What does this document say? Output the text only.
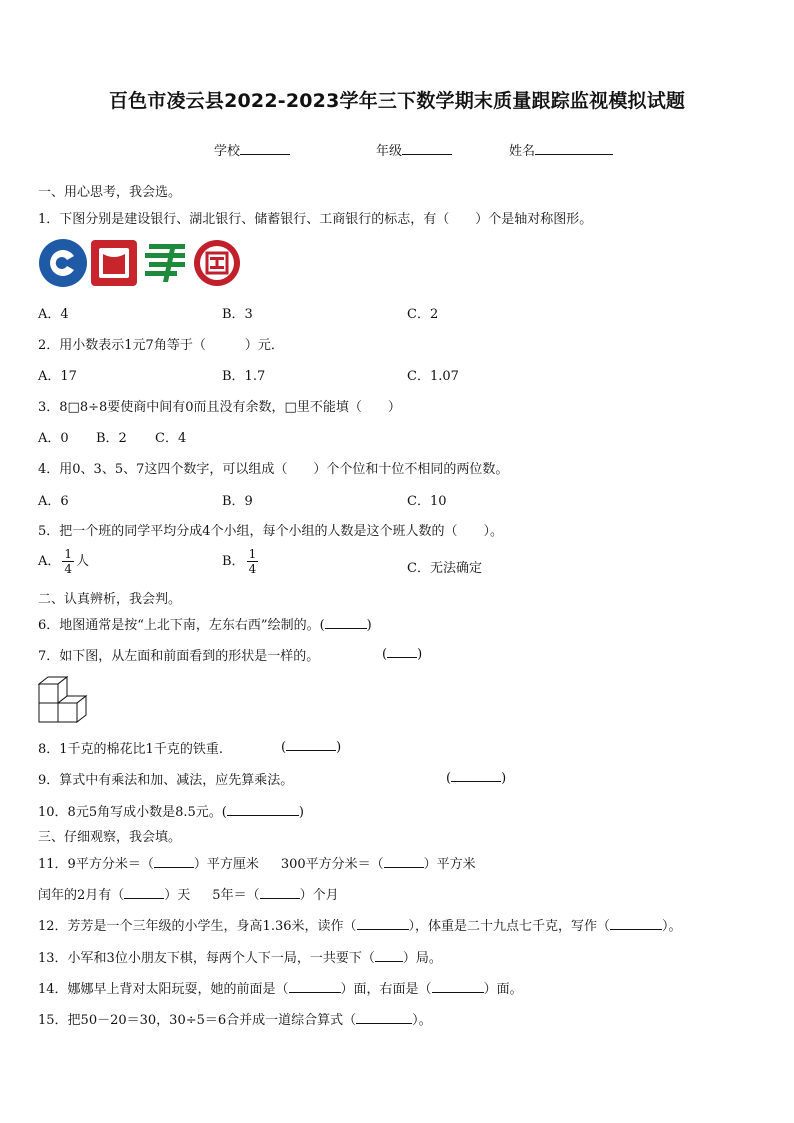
百色市凌云县2022-2023学年三下数学期末质量跟踪监视模拟试题
学校	年级	姓名
一、用心思考，我会选。
1．下图分别是建设银行、湖北银行、储蓄银行、工商银行的标志，有（　　）个是轴对称图形。
A．4	B．3	C．2
2．用小数表示1元7角等于（　　　）元．
A．17	B．1.7	C．1.07
3．8□8÷8要使商中间有0而且没有余数，□里不能填（　　）
A．0 B．2 C．4
4．用0、3、5、7这四个数字，可以组成（　　）个个位和十位不相同的两位数。
A．6	B．9	C．10
5．把一个班的同学平均分成4个小组，每个小组的人数是这个班人数的（　　）。
A． $\frac{1}{4}$ 人	B． $\frac{1}{4}$	C．无法确定
二、认真辨析，我会判。
6．地图通常是按“上北下南，左东右西”绘制的。(	)
7．如下图，从左面和前面看到的形状是一样的。	( )
8．1千克的棉花比1千克的铁重.	(	)
9．算式中有乘法和加、减法，应先算乘法。	(	)
10．8元5角写成小数是8.5元。(	)
三、仔细观察，我会填。
11．9平方分米＝（	）平方厘米 300平方分米＝（	）平方米
闰年的2月有（	）天 5年＝（	）个月
12．芳芳是一个三年级的小学生，身高1.36米，读作（	），体重是二十九点七千克，写作（	）。
13．小军和3位小朋友下棋，每两个人下一局，一共要下（ ）局。
14．娜娜早上背对太阳玩耍，她的前面是（	）面，右面是（	）面。
15．把50－20＝30，30÷5＝6合并成一道综合算式（	）。
